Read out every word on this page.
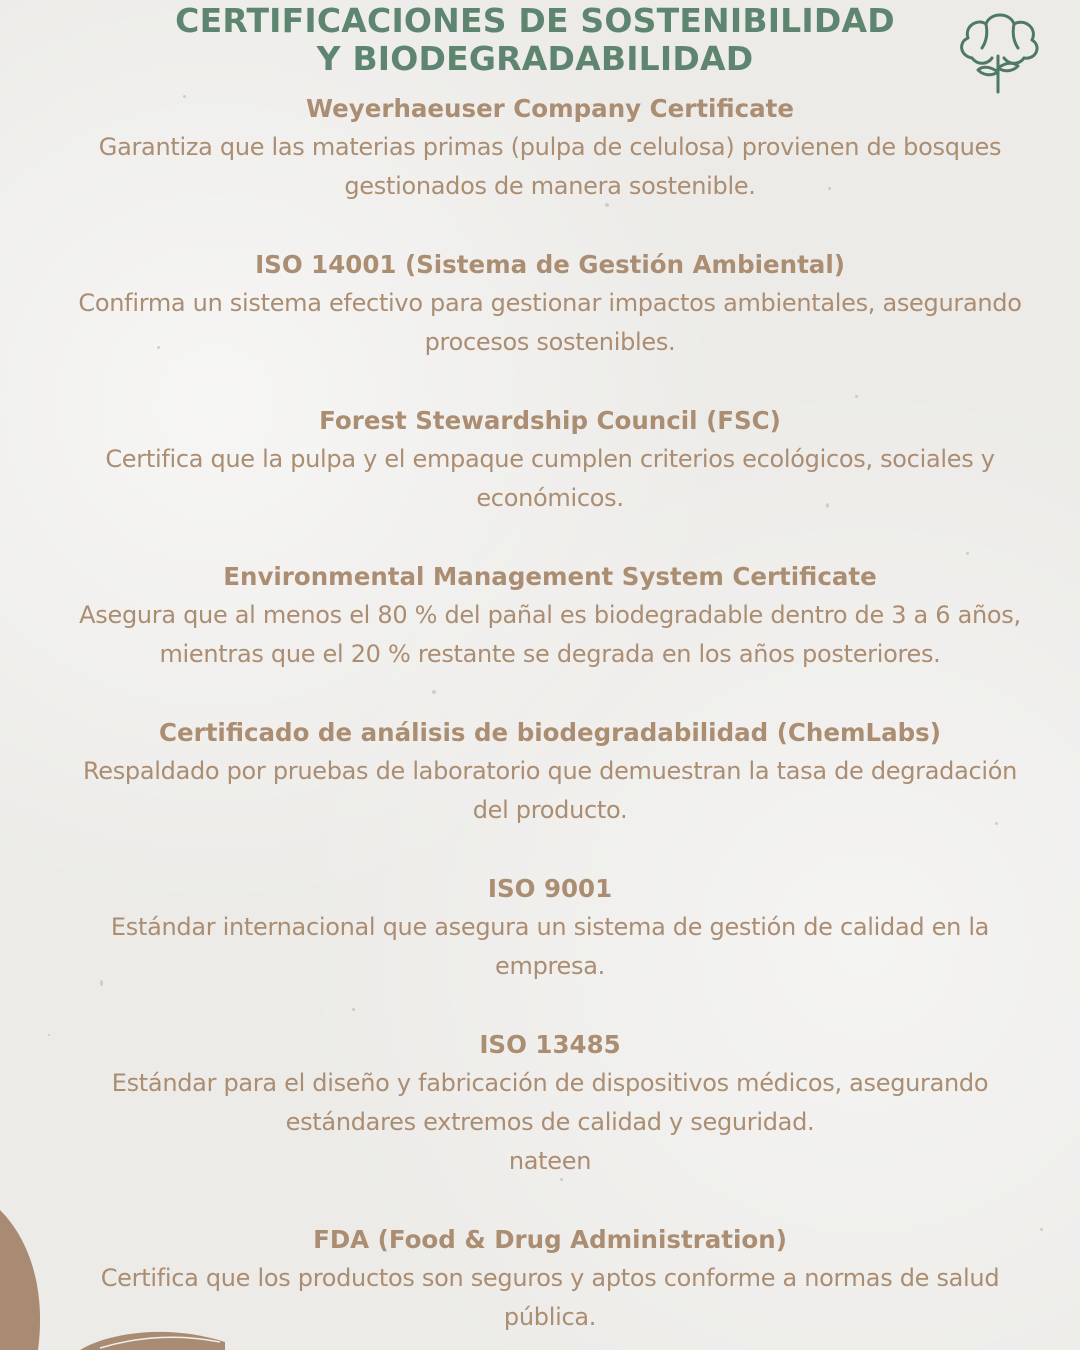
CERTIFICACIONES DE SOSTENIBILIDAD
Y BIODEGRADABILIDAD

Weyerhaeuser Company Certificate

Garantiza que las materias primas (pulpa de celulosa) provienen de bosques

gestionados de manera sostenible.

ISO 14001 (Sistema de Gestión Ambiental)

Confirma un sistema efectivo para gestionar impactos ambientales, asegurando

procesos sostenibles.

Forest Stewardship Council (FSC)

Certifica que la pulpa y el empaque cumplen criterios ecológicos, sociales y

económicos.

Environmental Management System Certificate

Asegura que al menos el 80 % del pañal es biodegradable dentro de 3 a 6 años,

mientras que el 20 % restante se degrada en los años posteriores.

Certificado de análisis de biodegradabilidad (ChemLabs)

Respaldado por pruebas de laboratorio que demuestran la tasa de degradación

del producto.

ISO 9001

Estándar internacional que asegura un sistema de gestión de calidad en la

empresa.

ISO 13485

Estándar para el diseño y fabricación de dispositivos médicos, asegurando

estándares extremos de calidad y seguridad.

nateen

FDA (Food & Drug Administration)

Certifica que los productos son seguros y aptos conforme a normas de salud

pública.
